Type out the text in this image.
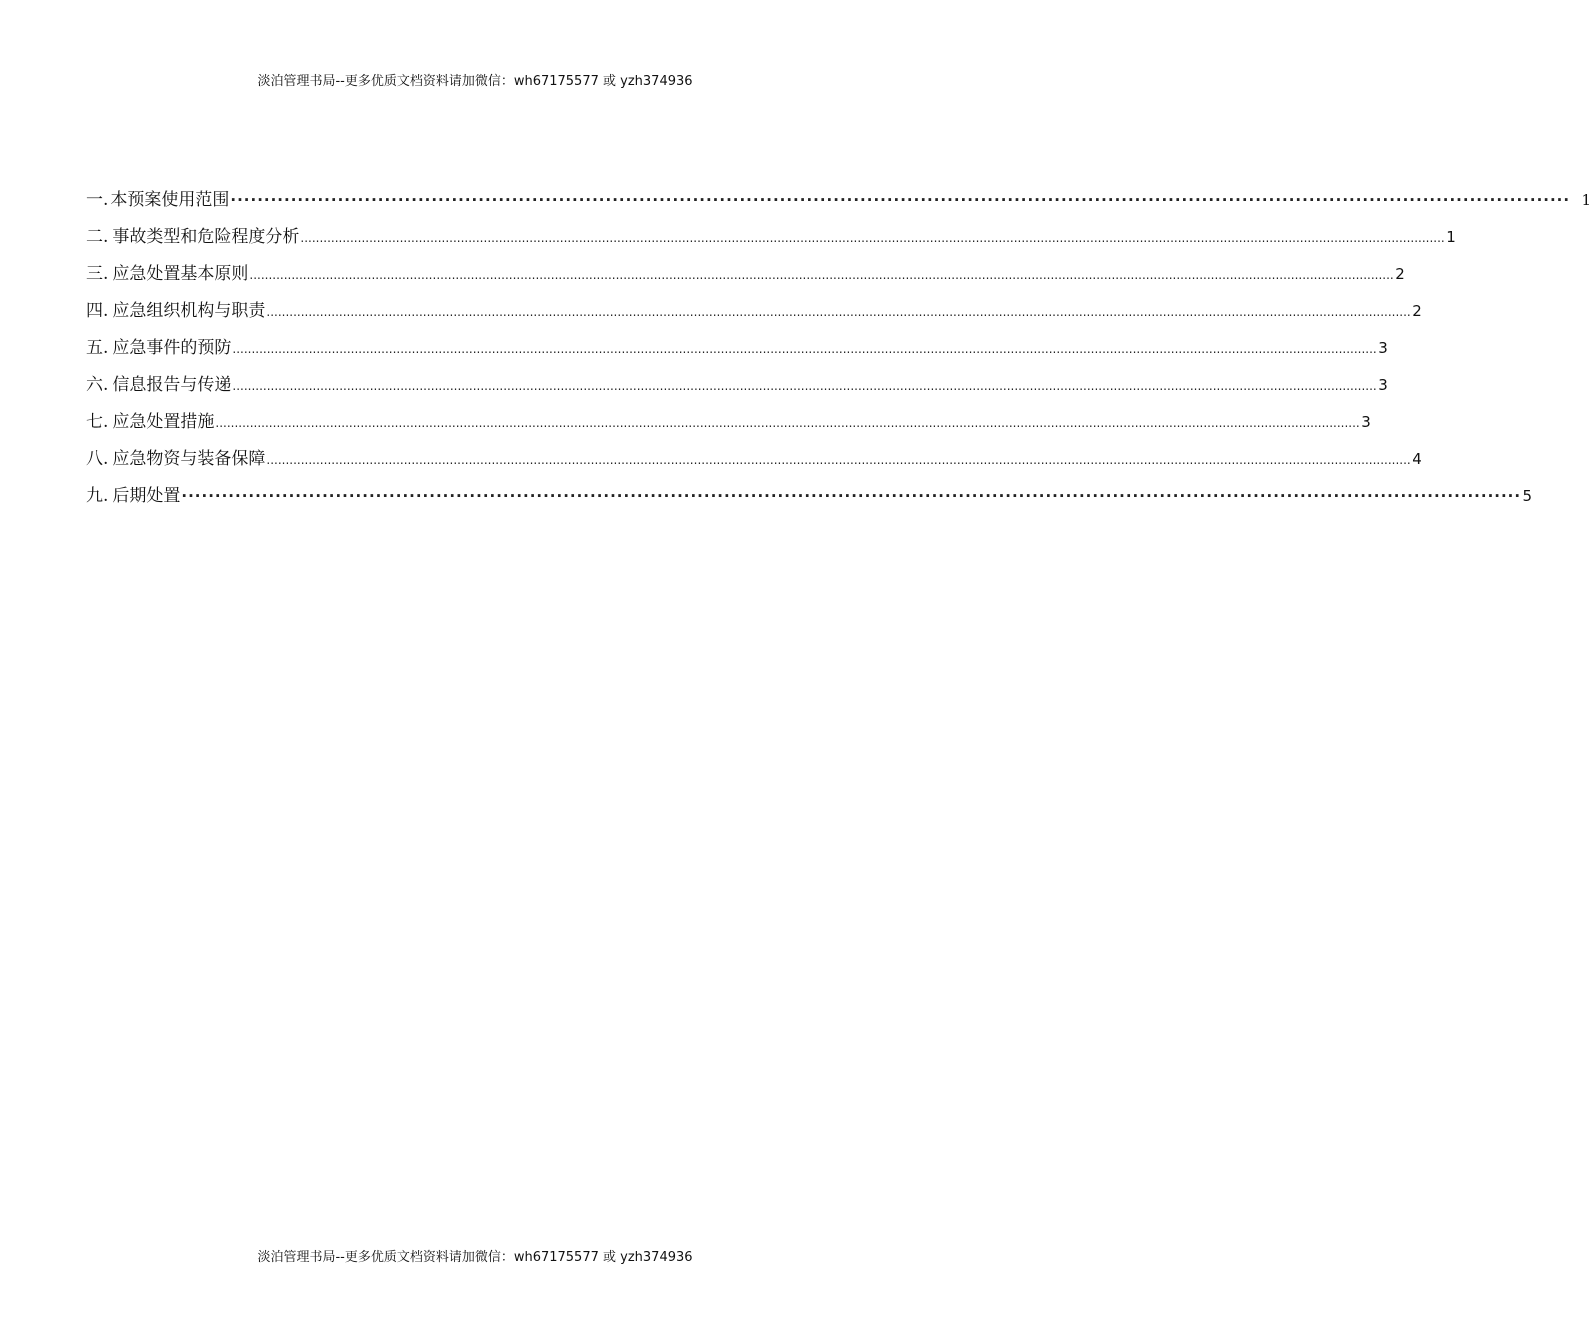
淡泊管理书局--更多优质文档资料请加微信：wh67175577 或 yzh374936
一. 本预案使用范围 ········································································································································································································ 1
二. 事故类型和危险程度分析 ............................................................................................................................................................................................................................................................................................................ 1
三. 应急处置基本原则 ............................................................................................................................................................................................................................................................................................................ 2
四. 应急组织机构与职责 ............................................................................................................................................................................................................................................................................................................ 2
五. 应急事件的预防 ............................................................................................................................................................................................................................................................................................................ 3
六. 信息报告与传递 ............................................................................................................................................................................................................................................................................................................ 3
七. 应急处置措施 ............................................................................................................................................................................................................................................................................................................ 3
八. 应急物资与装备保障 ............................................................................................................................................................................................................................................................................................................ 4
九. 后期处置 ········································································································································································································ 5
淡泊管理书局--更多优质文档资料请加微信：wh67175577 或 yzh374936
